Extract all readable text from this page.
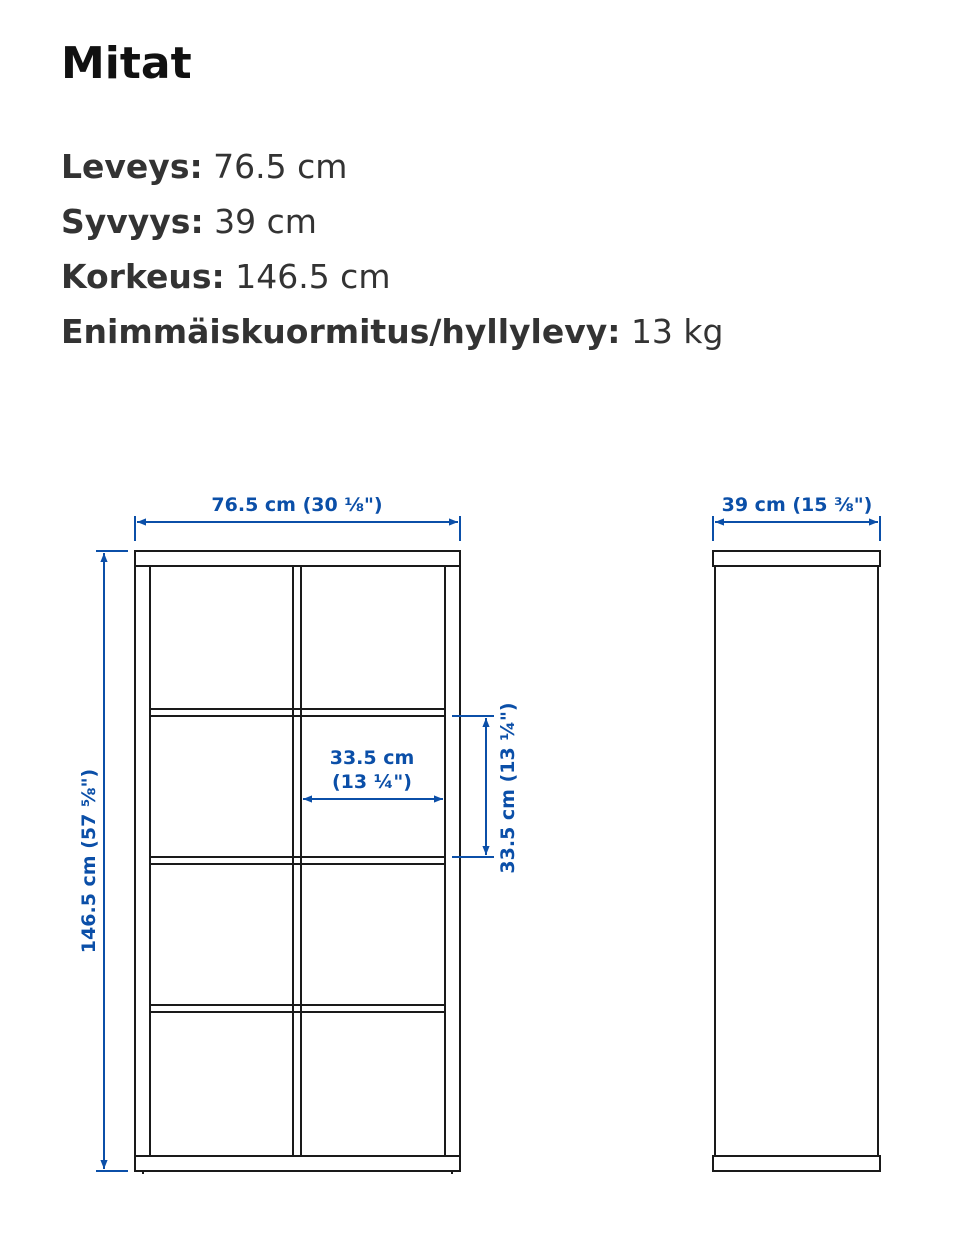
Mitat
Leveys: 76.5 cm
Syvyys: 39 cm
Korkeus: 146.5 cm
Enimmäiskuormitus/hyllylevy: 13 kg
76.5 cm (30 ⅛")	39 cm (15 ⅜")
146.5 cm (57 ⅝")
33.5 cm
(13 ¼")	33.5 cm (13 ¼")
